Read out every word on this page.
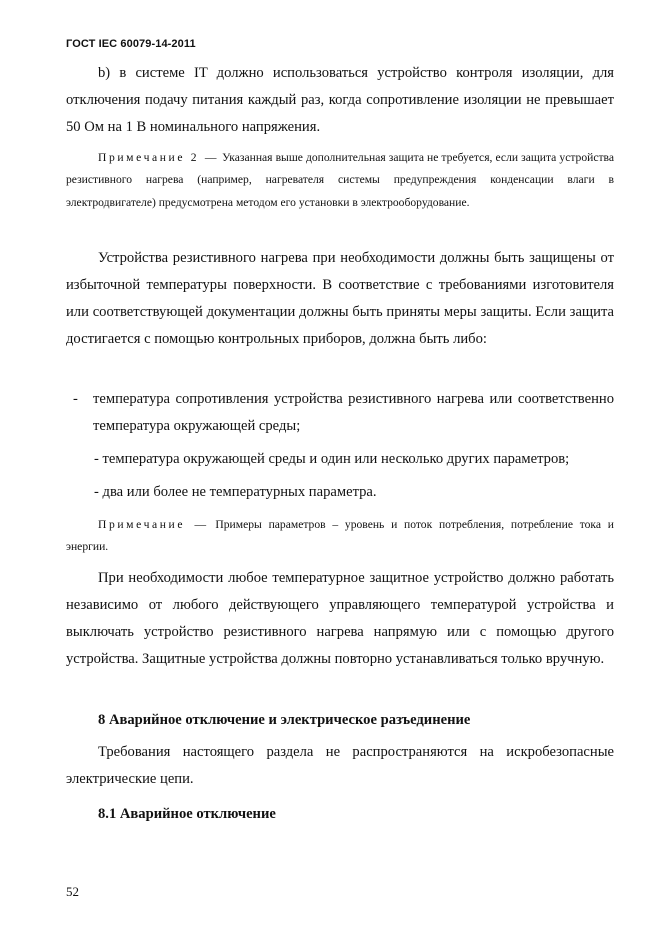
ГОСТ IEC 60079-14-2011

b) в системе IT должно использоваться устройство контроля изоляции, для отключения подачу питания каждый раз, когда сопротивление изоляции не превышает 50 Ом на 1 В номинального напряжения.

Примечание 2 — Указанная выше дополнительная защита не требуется, если защита устройства резистивного нагрева (например, нагревателя системы предупреждения конденсации влаги в электродвигателе) предусмотрена методом его установки в электрооборудование.

Устройства резистивного нагрева при необходимости должны быть защищены от избыточной температуры поверхности. В соответствие с требованиями изготовителя или соответствующей документации должны быть приняты меры защиты. Если защита достигается с помощью контрольных приборов, должна быть либо:

- температура сопротивления устройства резистивного нагрева или соответственно температура окружающей среды;

- температура окружающей среды и один или несколько других параметров;

- два или более не температурных параметра.

Примечание — Примеры параметров – уровень и поток потребления, потребление тока и энергии.

При необходимости любое температурное защитное устройство должно работать независимо от любого действующего управляющего температурой устройства и выключать устройство резистивного нагрева напрямую или с помощью другого устройства. Защитные устройства должны повторно устанавливаться только вручную.

8 Аварийное отключение и электрическое разъединение

Требования настоящего раздела не распространяются на искробезопасные электрические цепи.

8.1 Аварийное отключение
52
